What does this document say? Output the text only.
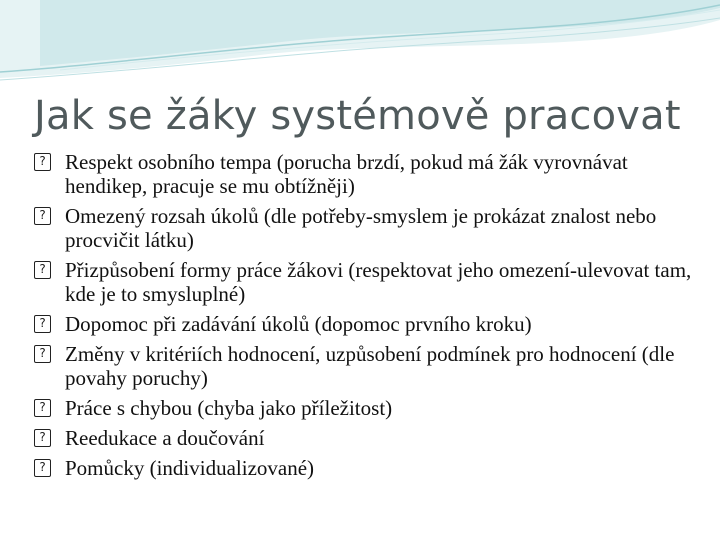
Jak se žáky systémově pracovat
? Respekt osobního tempa (porucha brzdí, pokud má žák vyrovnávat hendikep, pracuje se mu obtížněji)
? Omezený rozsah úkolů (dle potřeby-smyslem je prokázat znalost nebo procvičit látku)
? Přizpůsobení formy práce žákovi (respektovat jeho omezení-ulevovat tam, kde je to smysluplné)
? Dopomoc při zadávání úkolů (dopomoc prvního kroku)
? Změny v kritériích hodnocení, uzpůsobení podmínek pro hodnocení (dle povahy poruchy)
? Práce s chybou (chyba jako příležitost)
? Reedukace a doučování
? Pomůcky (individualizované)
